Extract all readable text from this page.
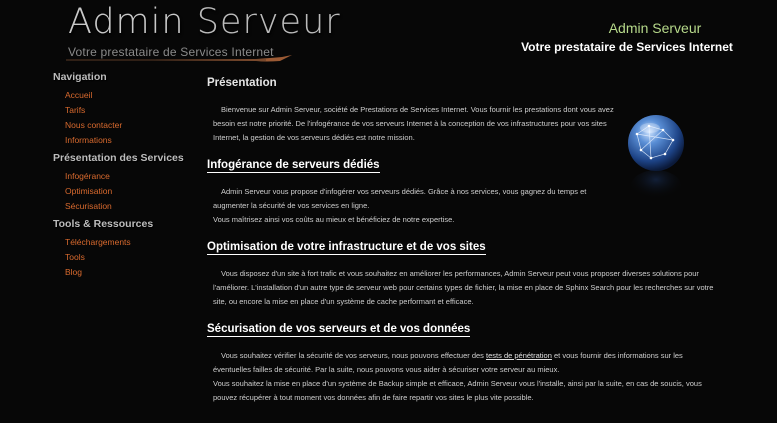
Admin Serveur
Votre prestataire de Services Internet
Admin Serveur
Votre prestataire de Services Internet
Navigation
Accueil
Tarifs
Nous contacter
Informations
Présentation des Services
Infogérance
Optimisation
Sécurisation
Tools & Ressources
Téléchargements
Tools
Blog
Présentation

Bienvenue sur Admin Serveur, société de Prestations de Services Internet. Vous fournir les prestations dont vous avez besoin est notre priorité. De l'infogérance de vos serveurs Internet à la conception de vos infrastructures pour vos sites Internet, la gestion de vos serveurs dédiés est notre mission.

Infogérance de serveurs dédiés

Admin Serveur vous propose d'infogérer vos serveurs dédiés. Grâce à nos services, vous gagnez du temps et augmenter la sécurité de vos services en ligne.

Vous maîtrisez ainsi vos coûts au mieux et bénéficiez de notre expertise.

Optimisation de votre infrastructure et de vos sites

Vous disposez d'un site à fort trafic et vous souhaitez en améliorer les performances, Admin Serveur peut vous proposer diverses solutions pour l'améliorer. L'installation d'un autre type de serveur web pour certains types de fichier, la mise en place de Sphinx Search pour les recherches sur votre site, ou encore la mise en place d'un système de cache performant et efficace.

Sécurisation de vos serveurs et de vos données

Vous souhaitez vérifier la sécurité de vos serveurs, nous pouvons effectuer des tests de pénétration et vous fournir des informations sur les éventuelles failles de sécurité. Par la suite, nous pouvons vous aider à sécuriser votre serveur au mieux.

Vous souhaitez la mise en place d'un système de Backup simple et efficace, Admin Serveur vous l'installe, ainsi par la suite, en cas de soucis, vous pouvez récupérer à tout moment vos données afin de faire repartir vos sites le plus vite possible.
